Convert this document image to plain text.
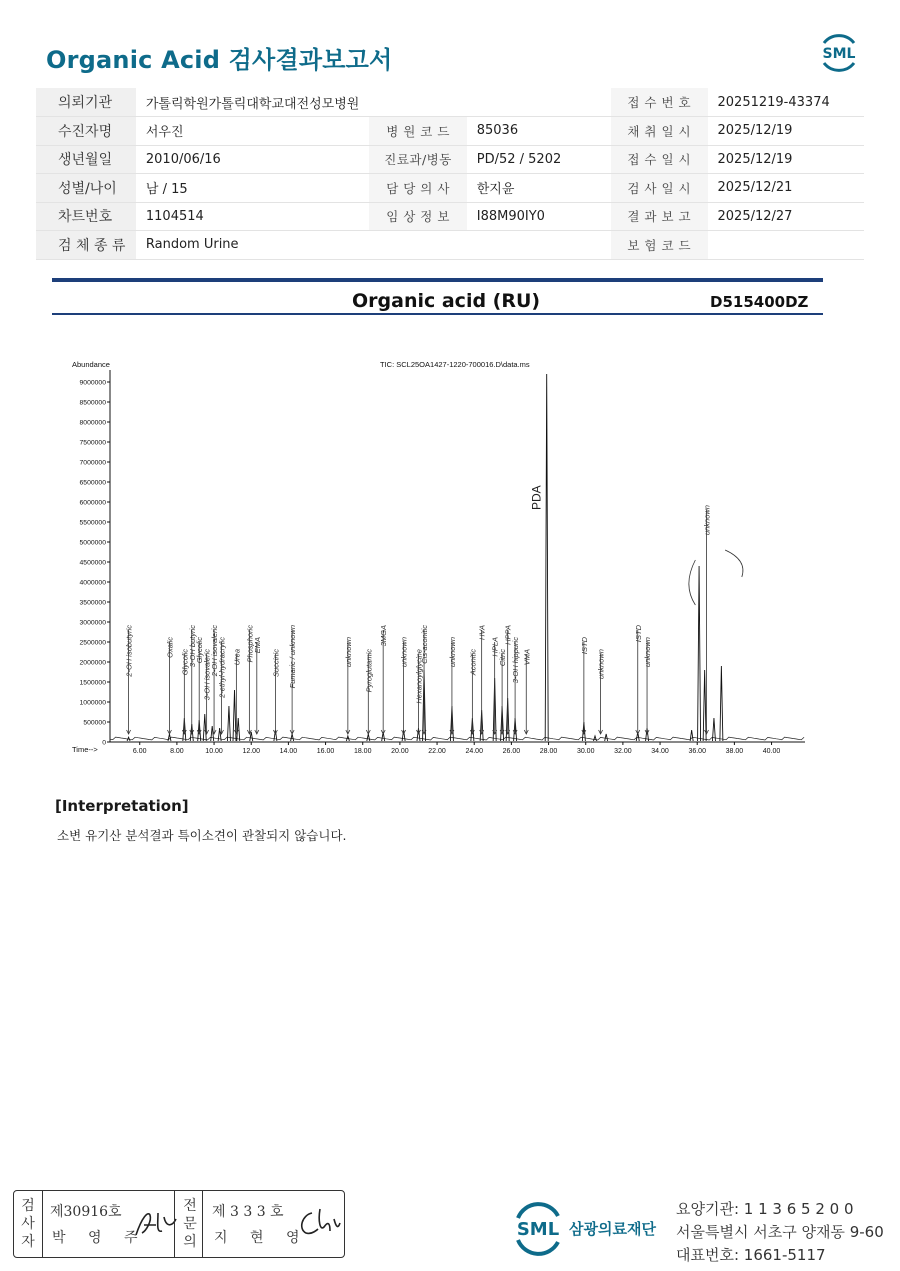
Organic Acid 검사결과보고서	SML
의뢰기관	가톨릭학원가톨릭대학교대전성모병원			접 수 번 호	20251219-43374
수진자명	서우진	병 원 코 드	85036	채 취 일 시	2025/12/19
생년월일	2010/06/16	진료과/병동	PD/52 / 5202	접 수 일 시	2025/12/19
성별/나이	남 / 15	담 당 의 사	한지윤	검 사 일 시	2025/12/21
차트번호	1104514	임 상 정 보	I88M90IY0	결 과 보 고	2025/12/27
검 체 종 류	Random Urine			보 험 코 드	
Organic acid (RU)	D515400DZ
Abundance
Time-->
TIC: SCL25OA1427-1220-700016.D\data.ms
0
500000
1000000
1500000
2000000
2500000
3000000
3500000
4000000
4500000
5000000
5500000
6000000
6500000
7000000
7500000
8000000
8500000
9000000
6.00	8.00	10.00	12.00	14.00	16.00	18.00	20.00	22.00	24.00	26.00	28.00	30.00	32.00	34.00	36.00	38.00	40.00
2-OH isobutyric	Oxalic
Glycolic
3-OH butyric
Glycolic
3-OH isovaleric
2-OH isovaleric
2-ethyl-hydracrylic Urea Phosphoric
EMA
Succinic Fumaric / unknown	unknown Pyroglutamic
3MGA
unknown Hexanoylglycine
Cis-aconitic	unknown Aconitic
HVA
HPLA
Citric
HPPA
3-OH hippuric VMA
PDA
ISTD
unknown
ISTD
unknown
unknown
[Interpretation]
소변 유기산 분석결과 특이소견이 관찰되지 않습니다.
검사자
제30916호
박 영 주
전문의
제 3 3 3 호
지 현 영	SML 삼광의료재단
요양기관: 1 1 3 6 5 2 0 0
서울특별시 서초구 양재동 9-60
대표번호: 1661-5117
